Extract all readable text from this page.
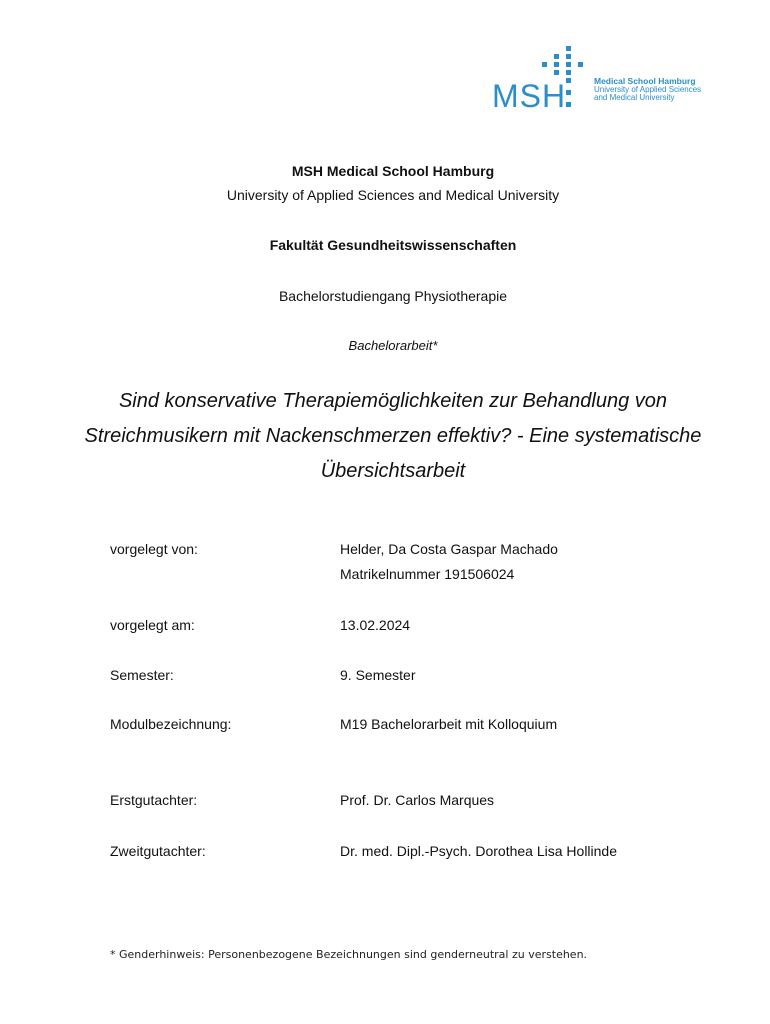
MSH	Medical School Hamburg
University of Applied Sciences
and Medical University
MSH Medical School Hamburg
University of Applied Sciences and Medical University
Fakultät Gesundheitswissenschaften
Bachelorstudiengang Physiotherapie
Bachelorarbeit*
Sind konservative Therapiemöglichkeiten zur Behandlung von Streichmusikern mit Nackenschmerzen effektiv? - Eine systematische Übersichtsarbeit
vorgelegt von:	Helder, Da Costa Gaspar Machado
Matrikelnummer 191506024
vorgelegt am:	13.02.2024
Semester:	9. Semester
Modulbezeichnung:	M19 Bachelorarbeit mit Kolloquium
Erstgutachter:	Prof. Dr. Carlos Marques
Zweitgutachter:	Dr. med. Dipl.-Psych. Dorothea Lisa Hollinde
* Genderhinweis: Personenbezogene Bezeichnungen sind genderneutral zu verstehen.
